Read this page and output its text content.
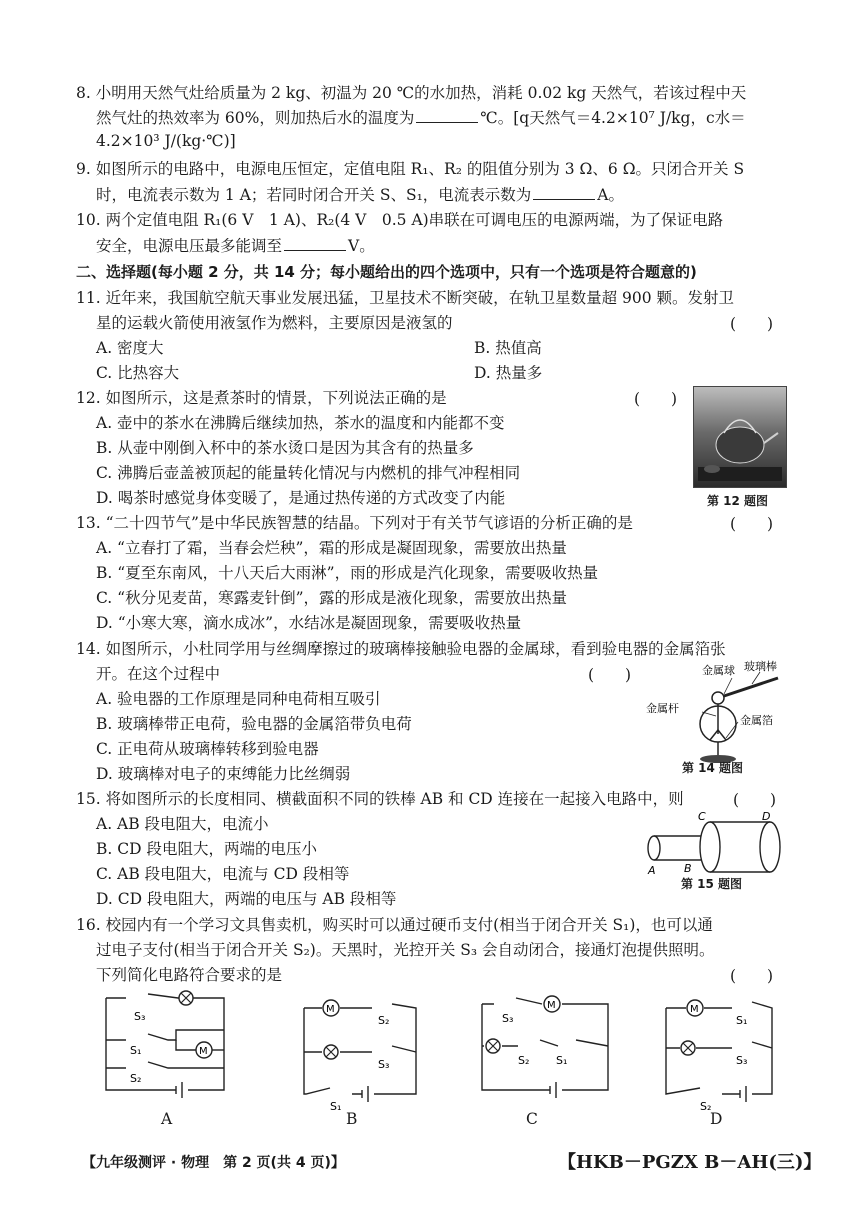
8. 小明用天然气灶给质量为 2 kg、初温为 20 ℃的水加热，消耗 0.02 kg 天然气，若该过程中天
然气灶的热效率为 60%，则加热后水的温度为	℃。[q天然气＝4.2×10⁷ J/kg，c水＝
4.2×10³ J/(kg·℃)]
9. 如图所示的电路中，电源电压恒定，定值电阻 R₁、R₂ 的阻值分别为 3 Ω、6 Ω。只闭合开关 S
时，电流表示数为 1 A；若同时闭合开关 S、S₁，电流表示数为	A。
10. 两个定值电阻 R₁(6 V　1 A)、R₂(4 V　0.5 A)串联在可调电压的电源两端，为了保证电路
安全，电源电压最多能调至	V。
二、选择题(每小题 2 分，共 14 分；每小题给出的四个选项中，只有一个选项是符合题意的)
11. 近年来，我国航空航天事业发展迅猛，卫星技术不断突破，在轨卫星数量超 900 颗。发射卫
星的运载火箭使用液氢作为燃料，主要原因是液氢的	(　　)
A. 密度大	B. 热值高
C. 比热容大	D. 热量多
12. 如图所示，这是煮茶时的情景，下列说法正确的是	(　　)
A. 壶中的茶水在沸腾后继续加热，茶水的温度和内能都不变
B. 从壶中刚倒入杯中的茶水烫口是因为其含有的热量多
C. 沸腾后壶盖被顶起的能量转化情况与内燃机的排气冲程相同
D. 喝茶时感觉身体变暖了，是通过热传递的方式改变了内能	第 12 题图
13. “二十四节气”是中华民族智慧的结晶。下列对于有关节气谚语的分析正确的是	(　　)
A. “立春打了霜，当春会烂秧”，霜的形成是凝固现象，需要放出热量
B. “夏至东南风，十八天后大雨淋”，雨的形成是汽化现象，需要吸收热量
C. “秋分见麦苗，寒露麦针倒”，露的形成是液化现象，需要放出热量
D. “小寒大寒，滴水成冰”，水结冰是凝固现象，需要吸收热量
14. 如图所示，小杜同学用与丝绸摩擦过的玻璃棒接触验电器的金属球，看到验电器的金属箔张
开。在这个过程中	(　　)
A. 验电器的工作原理是同种电荷相互吸引
B. 玻璃棒带正电荷，验电器的金属箔带负电荷
C. 正电荷从玻璃棒转移到验电器
D. 玻璃棒对电子的束缚能力比丝绸弱
金属球 玻璃棒
金属杆
金属箔
第 14 题图
15. 将如图所示的长度相同、横截面积不同的铁棒 AB 和 CD 连接在一起接入电路中，则	(　　)
A. AB 段电阻大，电流小
B. CD 段电阻大，两端的电压小
C. AB 段电阻大，电流与 CD 段相等
D. CD 段电阻大，两端的电压与 AB 段相等
A	B
C	D
第 15 题图
16. 校园内有一个学习文具售卖机，购买时可以通过硬币支付(相当于闭合开关 S₁)，也可以通
过电子支付(相当于闭合开关 S₂)。天黑时，光控开关 S₃ 会自动闭合，接通灯泡提供照明。
下列简化电路符合要求的是	(　　)
M
S₃
S₁
S₂
A
M
S₂
S₃
S₁
B
M
S₃
S₂ S₁
C
M
S₁
S₃
S₂
D
【九年级测评 · 物理　第 2 页(共 4 页)】	【HKB－PGZX B－AH(三)】
